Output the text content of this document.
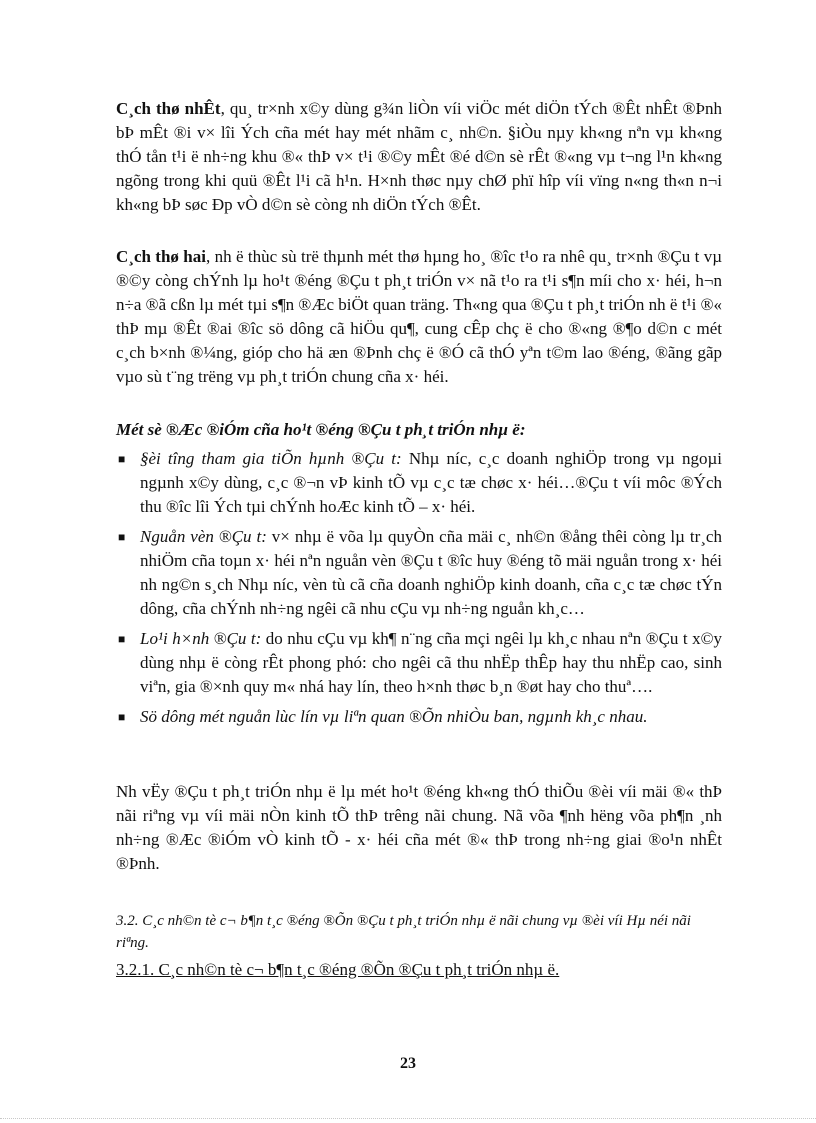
C¸ch thø nhÊt, qu¸ tr×nh x©y dùng g¾n liÒn víi viÖc mét diÖn tÝch ®Êt nhÊt ®Þnh bÞ mÊt ®i v× lîi Ých cña mét hay mét nhãm c¸ nh©n. §iÒu nµy kh«ng nªn vµ kh«ng thÓ tån t¹i ë nh÷ng khu ®« thÞ v× t¹i ®©y mÊt ®é d©n sè rÊt ®«ng vµ t¬ng l¹n kh«ng ngõng trong khi quü ®Êt l¹i cã h¹n. H×nh thøc nµy chØ phï hîp víi vïng n«ng th«n n¬i kh«ng bÞ søc Ðp vÒ d©n sè còng nh diÖn tÝch ®Êt.

C¸ch thø hai, nh ë thùc sù trë thµnh mét thø hµng ho¸ ®îc t¹o ra nhê qu¸ tr×nh ®Çu t vµ ®©y còng chÝnh lµ ho¹t ®éng ®Çu t ph¸t triÓn v× nã t¹o ra t¹i s¶n míi cho x· héi, h¬n n÷a ®ã cßn lµ mét tµi s¶n ®Æc biÖt quan träng. Th«ng qua ®Çu t ph¸t triÓn nh ë t¹i ®« thÞ mµ ®Êt ®ai ®îc sö dông cã hiÖu qu¶, cung cÊp chç ë cho ®«ng ®¶o d©n c mét c¸ch b×nh ®¼ng, gióp cho hä æn ®Þnh chç ë ®Ó cã thÓ yªn t©m lao ®éng, ®ãng gãp vµo sù t¨ng trëng vµ ph¸t triÓn chung cña x· héi.

Mét sè ®Æc ®iÓm cña ho¹t ®éng ®Çu t ph¸t triÓn nhµ ë:

■ §èi tîng tham gia tiÕn hµnh ®Çu t: Nhµ níc, c¸c doanh nghiÖp trong vµ ngoµi ngµnh x©y dùng, c¸c ®¬n vÞ kinh tÕ vµ c¸c tæ chøc x· héi…®Çu t víi môc ®Ých thu ®îc lîi Ých tµi chÝnh hoÆc kinh tÕ – x· héi.
■ Nguån vèn ®Çu t: v× nhµ ë võa lµ quyÒn cña mäi c¸ nh©n ®ång thêi còng lµ tr¸ch nhiÖm cña toµn x· héi nªn nguån vèn ®Çu t ®îc huy ®éng tõ mäi nguån trong x· héi nh ng©n s¸ch Nhµ níc, vèn tù cã cña doanh nghiÖp kinh doanh, cña c¸c tæ chøc tÝn dông, cña chÝnh nh÷ng ngêi cã nhu cÇu vµ nh÷ng nguån kh¸c…
■ Lo¹i h×nh ®Çu t: do nhu cÇu vµ kh¶ n¨ng cña mçi ngêi lµ kh¸c nhau nªn ®Çu t x©y dùng nhµ ë còng rÊt phong phó: cho ngêi cã thu nhËp thÊp hay thu nhËp cao, sinh viªn, gia ®×nh quy m« nhá hay lín, theo h×nh thøc b¸n ®øt hay cho thuª….
■ Sö dông mét nguån lùc lín vµ liªn quan ®Õn nhiÒu ban, ngµnh kh¸c nhau.

Nh vËy ®Çu t ph¸t triÓn nhµ ë lµ mét ho¹t ®éng kh«ng thÓ thiÕu ®èi víi mäi ®« thÞ nãi riªng vµ víi mäi nÒn kinh tÕ thÞ trêng nãi chung. Nã võa ¶nh hëng võa ph¶n ¸nh nh÷ng ®Æc ®iÓm vÒ kinh tÕ - x· héi cña mét ®« thÞ trong nh÷ng giai ®o¹n nhÊt ®Þnh.

3.2. C¸c nh©n tè c¬ b¶n t¸c ®éng ®Õn ®Çu t ph¸t triÓn nhµ ë nãi chung vµ ®èi víi Hµ néi nãi riªng.

3.2.1. C¸c nh©n tè c¬ b¶n t¸c ®éng ®Õn ®Çu t ph¸t triÓn nhµ ë.

23
